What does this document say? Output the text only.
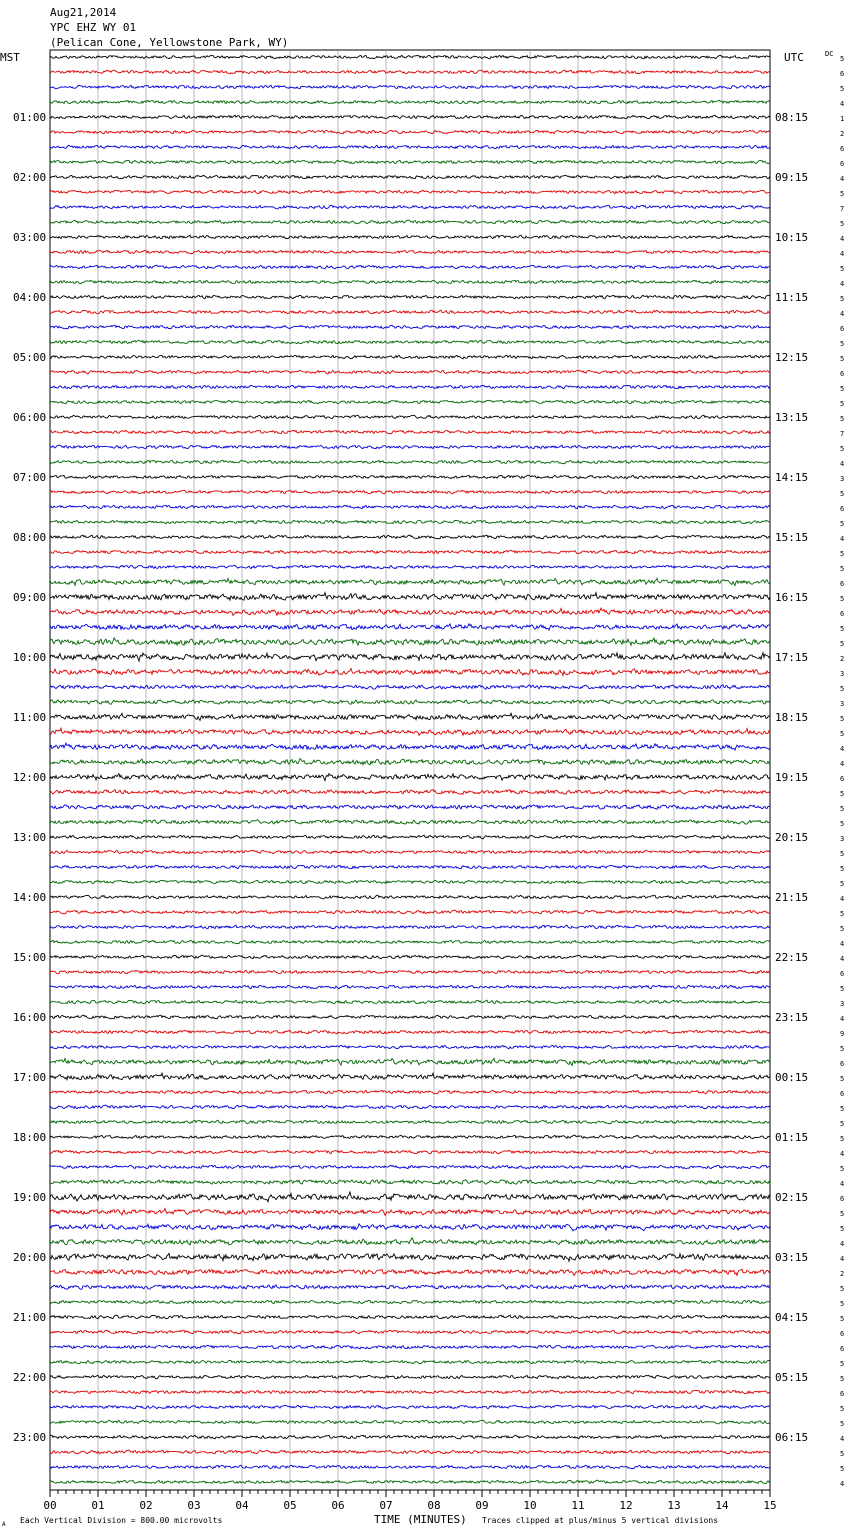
Aug21,2014
YPC EHZ WY 01
(Pelican Cone, Yellowstone Park, WY)
MST	UTC	DC
01:00
02:00
03:00
04:00
05:00
06:00
07:00
08:00
09:00
10:00
11:00
12:00
13:00
14:00
15:00
16:00
17:00
18:00
19:00
20:00
21:00
22:00
23:00
08:15
09:15
10:15
11:15
12:15
13:15
14:15
15:15
16:15
17:15
18:15
19:15
20:15
21:15
22:15
23:15
00:15
01:15
02:15
03:15
04:15
05:15
06:15
5
6
5
4
1
2
6
6
4
5
7
5
4
4
5
4
5
4
6
5
5
6
5
5
5
7
5
4
3
5
6
5
4
5
5
6
5
6
5
5
2
3
5
3
5
5
4
4
6
5
5
5
3
5
5
5
4
5
5
4
4
6
5
3
4
9
5
6
5
6
5
5
5
4
5
4
6
5
5
4
4
2
5
5
5
6
6
5
5
6
5
5
4
5
5
4
00	01	02	03	04	05	06	07	08	09	10	11	12	13	14	15
A Each Vertical Division = 800.00 microvolts	TIME (MINUTES) Traces clipped at plus/minus 5 vertical divisions
